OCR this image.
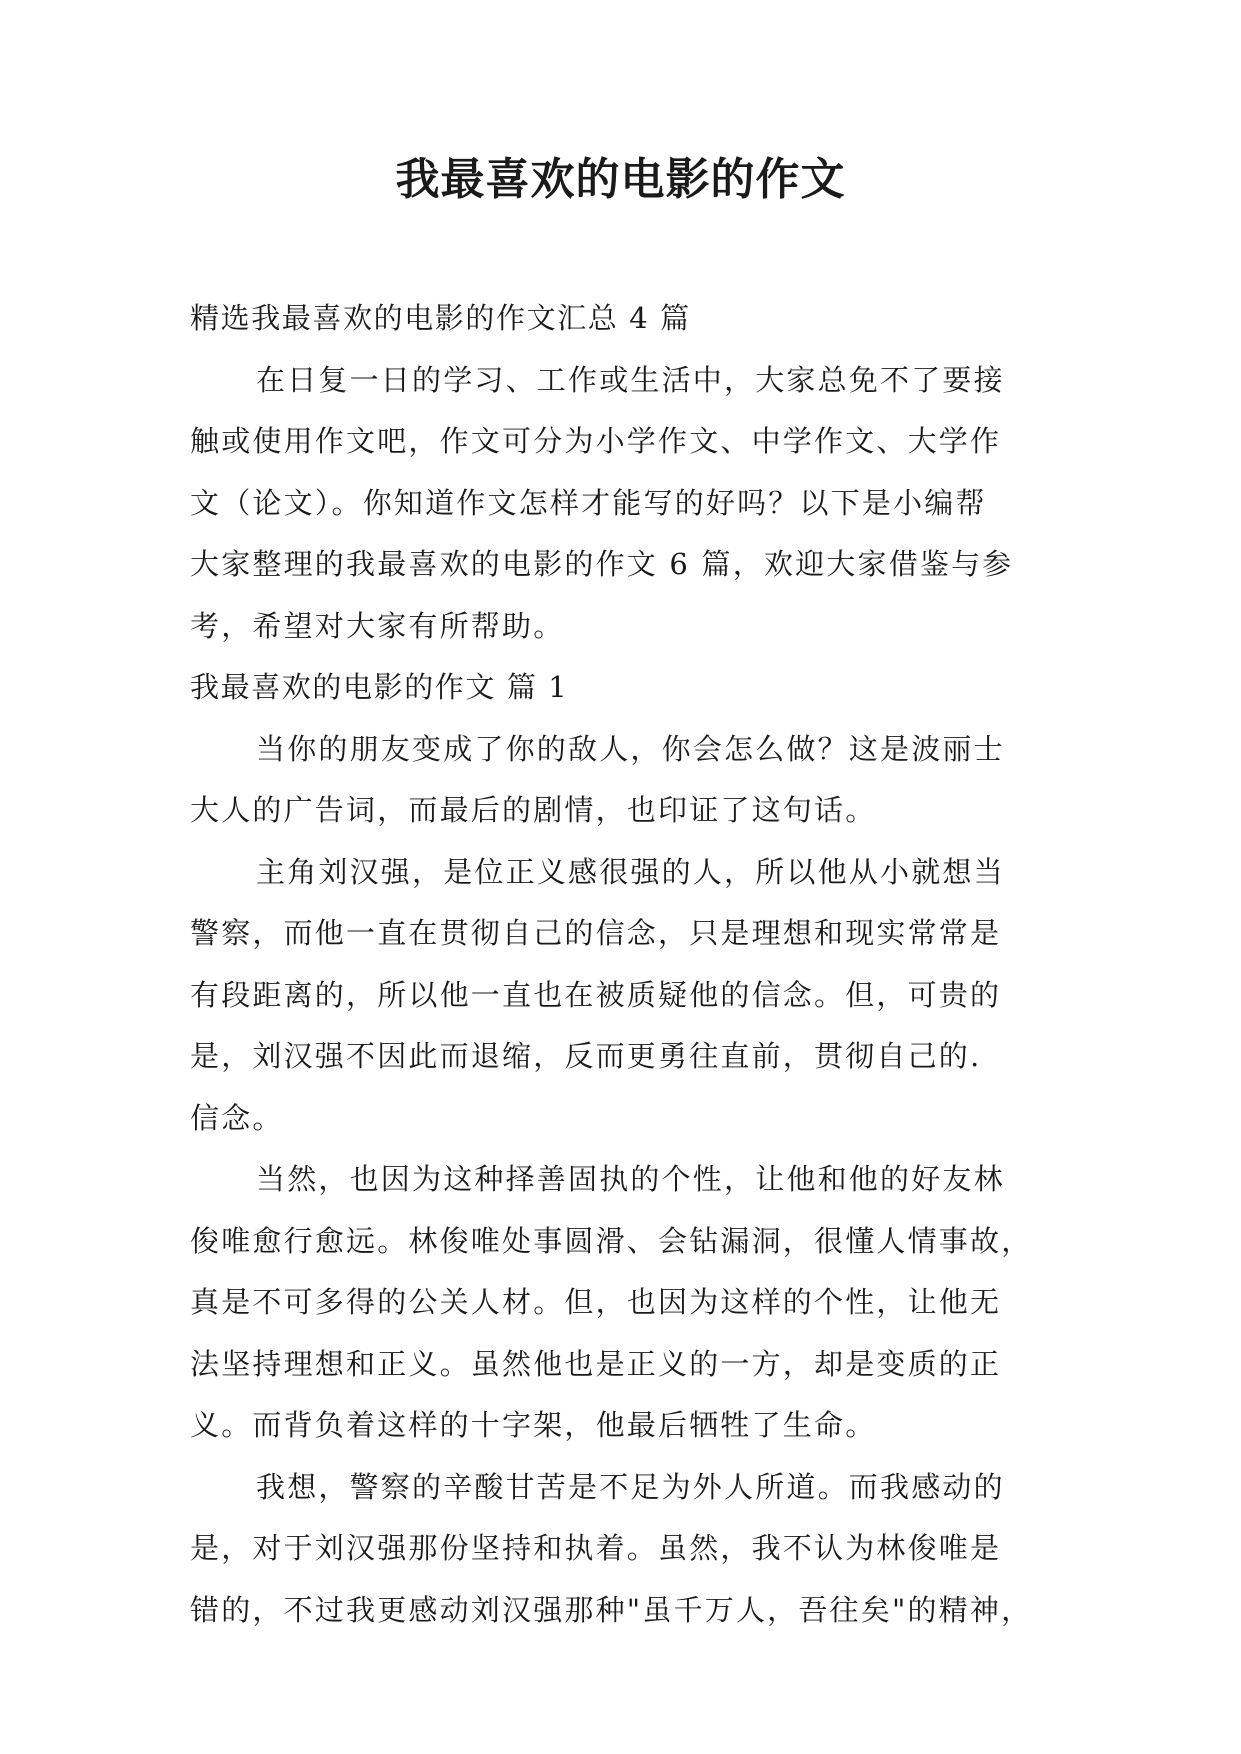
我最喜欢的电影的作文
精选我最喜欢的电影的作文汇总 4 篇
在日复一日的学习、工作或生活中，大家总免不了要接
触或使用作文吧，作文可分为小学作文、中学作文、大学作
文（论文）。你知道作文怎样才能写的好吗？以下是小编帮
大家整理的我最喜欢的电影的作文 6 篇，欢迎大家借鉴与参
考，希望对大家有所帮助。
我最喜欢的电影的作文 篇 1
当你的朋友变成了你的敌人，你会怎么做？这是波丽士
大人的广告词，而最后的剧情，也印证了这句话。
主角刘汉强，是位正义感很强的人，所以他从小就想当
警察，而他一直在贯彻自己的信念，只是理想和现实常常是
有段距离的，所以他一直也在被质疑他的信念。但，可贵的
是，刘汉强不因此而退缩，反而更勇往直前，贯彻自己的.
信念。
当然，也因为这种择善固执的个性，让他和他的好友林
俊唯愈行愈远。林俊唯处事圆滑、会钻漏洞，很懂人情事故，
真是不可多得的公关人材。但，也因为这样的个性，让他无
法坚持理想和正义。虽然他也是正义的一方，却是变质的正
义。而背负着这样的十字架，他最后牺牲了生命。
我想，警察的辛酸甘苦是不足为外人所道。而我感动的
是，对于刘汉强那份坚持和执着。虽然，我不认为林俊唯是
错的，不过我更感动刘汉强那种"虽千万人，吾往矣"的精神，
